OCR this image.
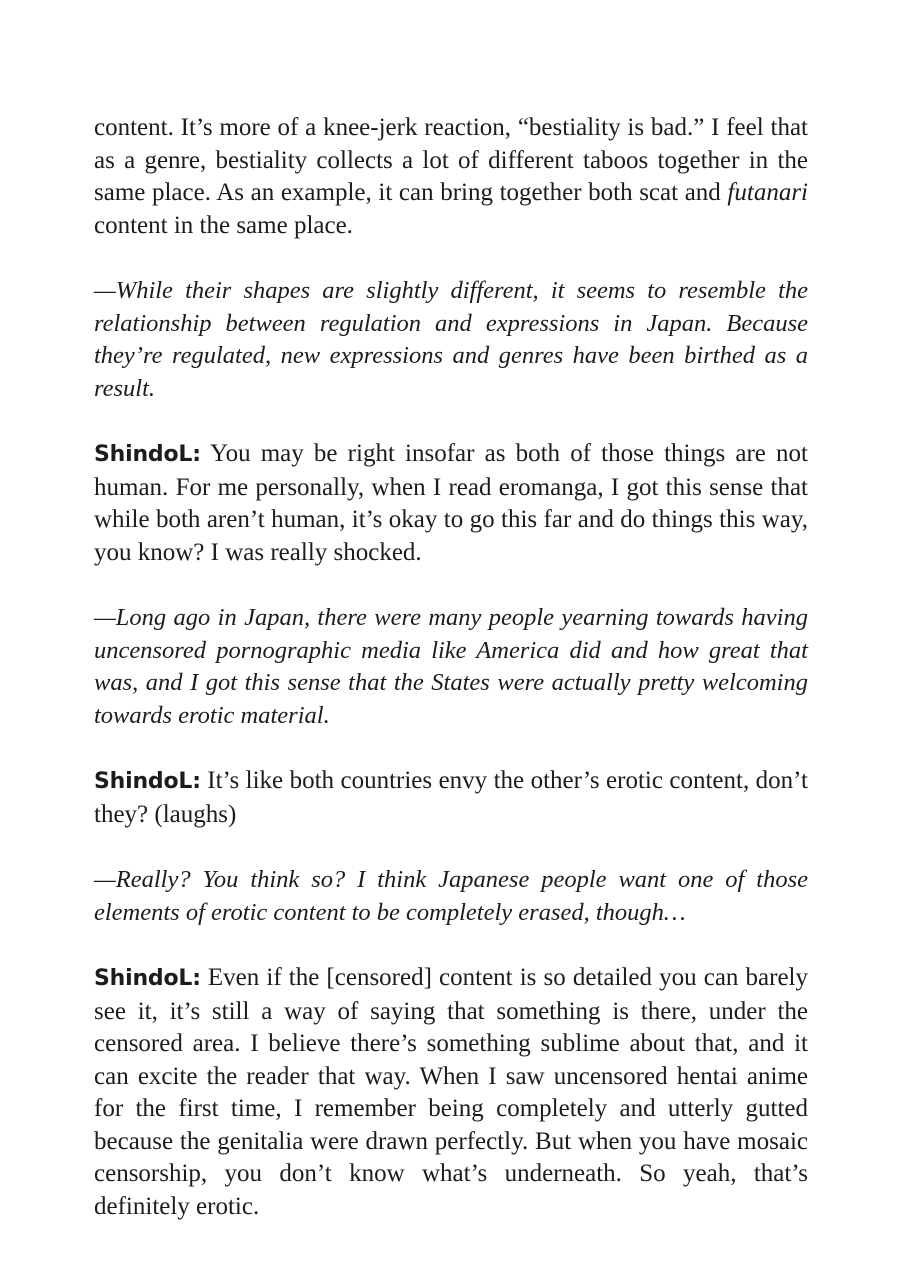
content. It’s more of a knee-jerk reaction, “bestiality is bad.” I feel that as a genre, bestiality collects a lot of different taboos together in the same place. As an example, it can bring together both scat and futanari content in the same place.

—While their shapes are slightly different, it seems to resemble the relationship between regulation and expressions in Japan. Because they’re regulated, new expressions and genres have been birthed as a result.

ShindoL: You may be right insofar as both of those things are not human. For me personally, when I read eromanga, I got this sense that while both aren’t human, it’s okay to go this far and do things this way, you know? I was really shocked.

—Long ago in Japan, there were many people yearning towards having uncensored pornographic media like America did and how great that was, and I got this sense that the States were actually pretty welcoming towards erotic material.

ShindoL: It’s like both countries envy the other’s erotic content, don’t they? (laughs)

—Really? You think so? I think Japanese people want one of those elements of erotic content to be completely erased, though…

ShindoL: Even if the [censored] content is so detailed you can barely see it, it’s still a way of saying that something is there, under the censored area. I believe there’s something sublime about that, and it can excite the reader that way. When I saw uncensored hentai anime for the first time, I remember being completely and utterly gutted because the genitalia were drawn perfectly. But when you have mosaic censorship, you don’t know what’s underneath. So yeah, that’s definitely erotic.
